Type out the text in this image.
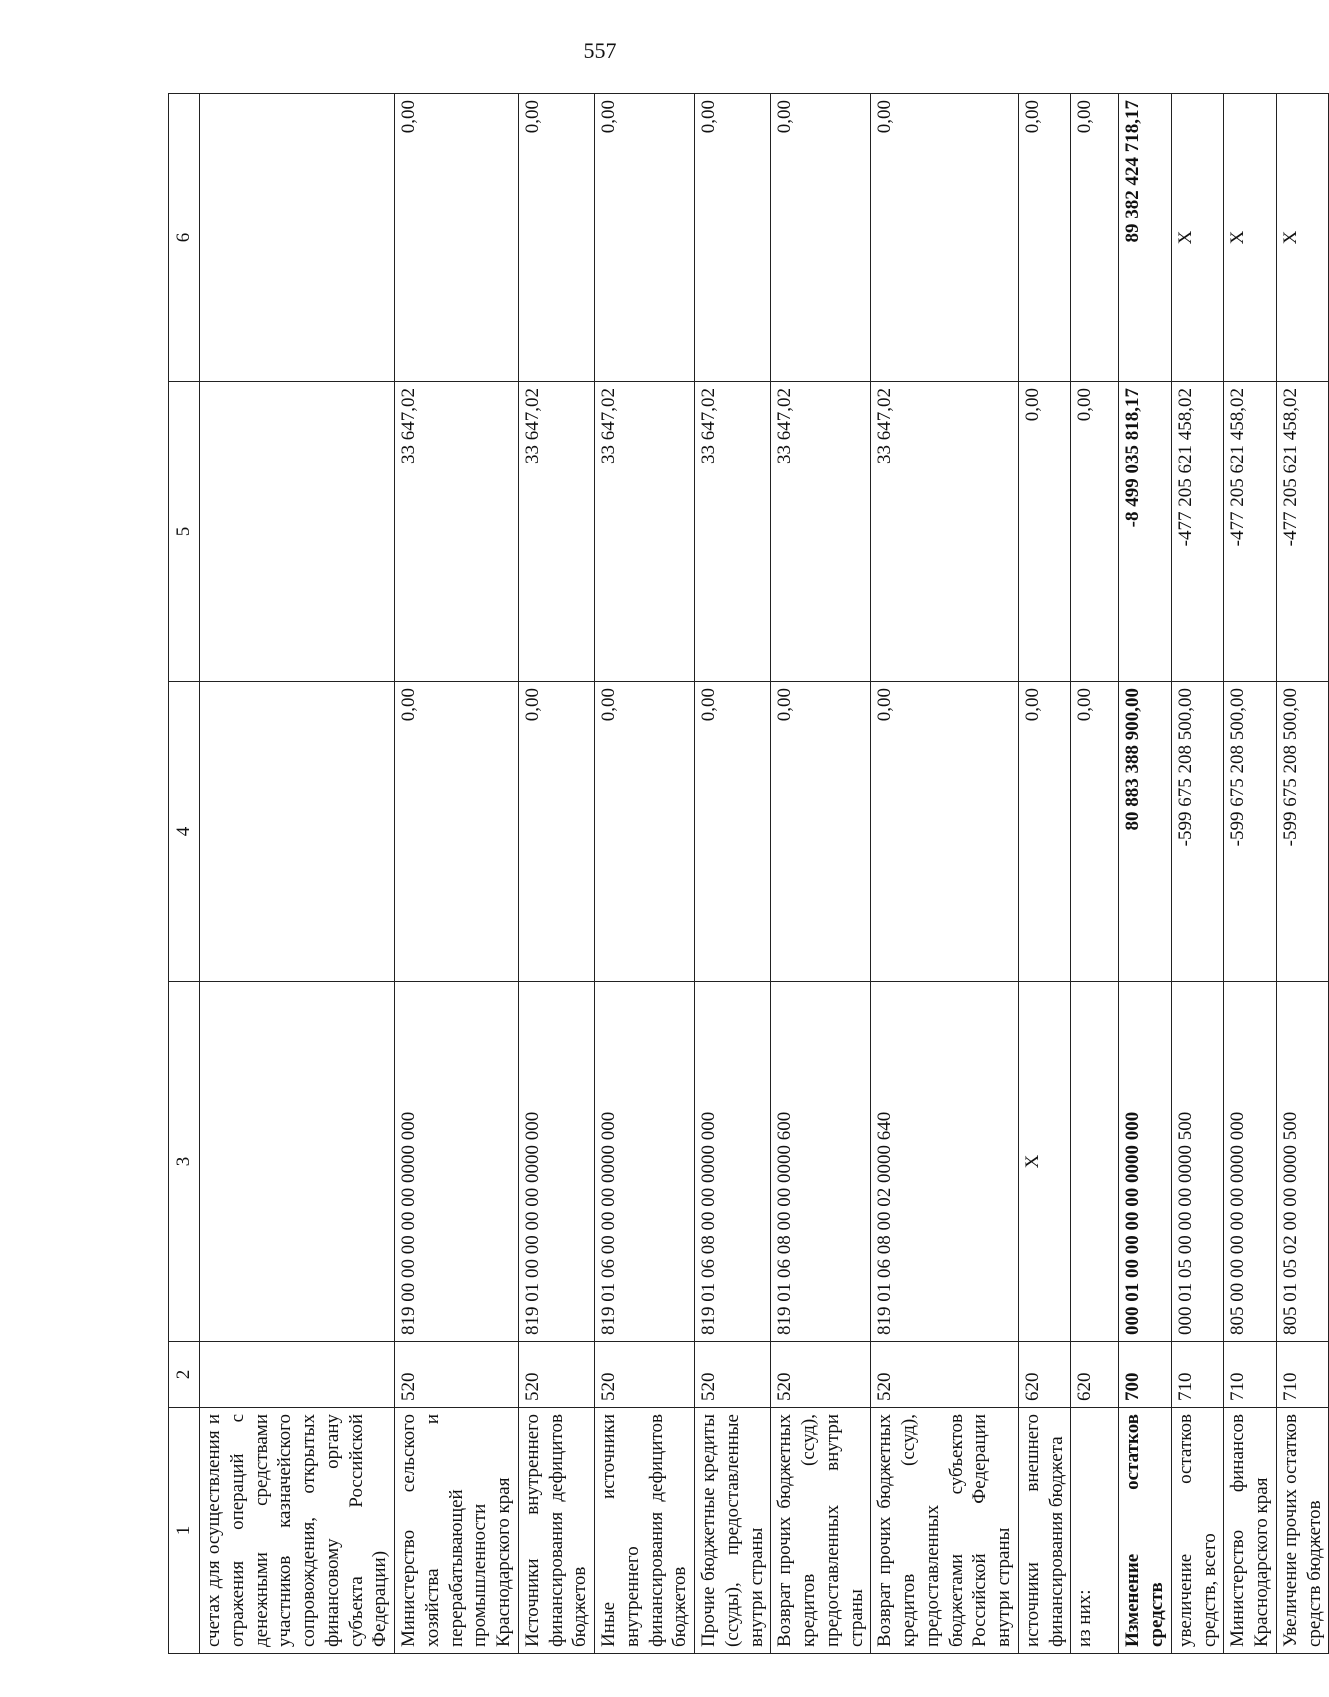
557
1	2	3	4	5	6
счетах для осуществления и отражения операций с денежными средствами участников казначейского сопровождения, открытых финансовому органу субъекта Российской Федерации)					
Министерство сельского хозяйства и перерабатывающей промышленности Краснодарского края	520	819 00 00 00 00 00 0000 000	0,00	33 647,02	0,00
Источники внутреннего финансирования дефицитов бюджетов	520	819 01 00 00 00 00 0000 000	0,00	33 647,02	0,00
Иные источники внутреннего финансирования дефицитов бюджетов	520	819 01 06 00 00 00 0000 000	0,00	33 647,02	0,00
Прочие бюджетные кредиты (ссуды), предоставленные внутри страны	520	819 01 06 08 00 00 0000 000	0,00	33 647,02	0,00
Возврат прочих бюджетных кредитов (ссуд), предоставленных внутри страны	520	819 01 06 08 00 00 0000 600	0,00	33 647,02	0,00
Возврат прочих бюджетных кредитов (ссуд), предоставленных бюджетами субъектов Российской Федерации внутри страны	520	819 01 06 08 00 02 0000 640	0,00	33 647,02	0,00
источники внешнего финансирования бюджета	620	X	0,00	0,00	0,00
из них:	620		0,00	0,00	0,00
Изменение остатков средств	700	000 01 00 00 00 00 0000 000	80 883 388 900,00	-8 499 035 818,17	89 382 424 718,17
увеличение остатков средств, всего	710	000 01 05 00 00 00 0000 500	-599 675 208 500,00	-477 205 621 458,02	X
Министерство финансов Краснодарского края	710	805 00 00 00 00 00 0000 000	-599 675 208 500,00	-477 205 621 458,02	X
Увеличение прочих остатков средств бюджетов	710	805 01 05 02 00 00 0000 500	-599 675 208 500,00	-477 205 621 458,02	X
